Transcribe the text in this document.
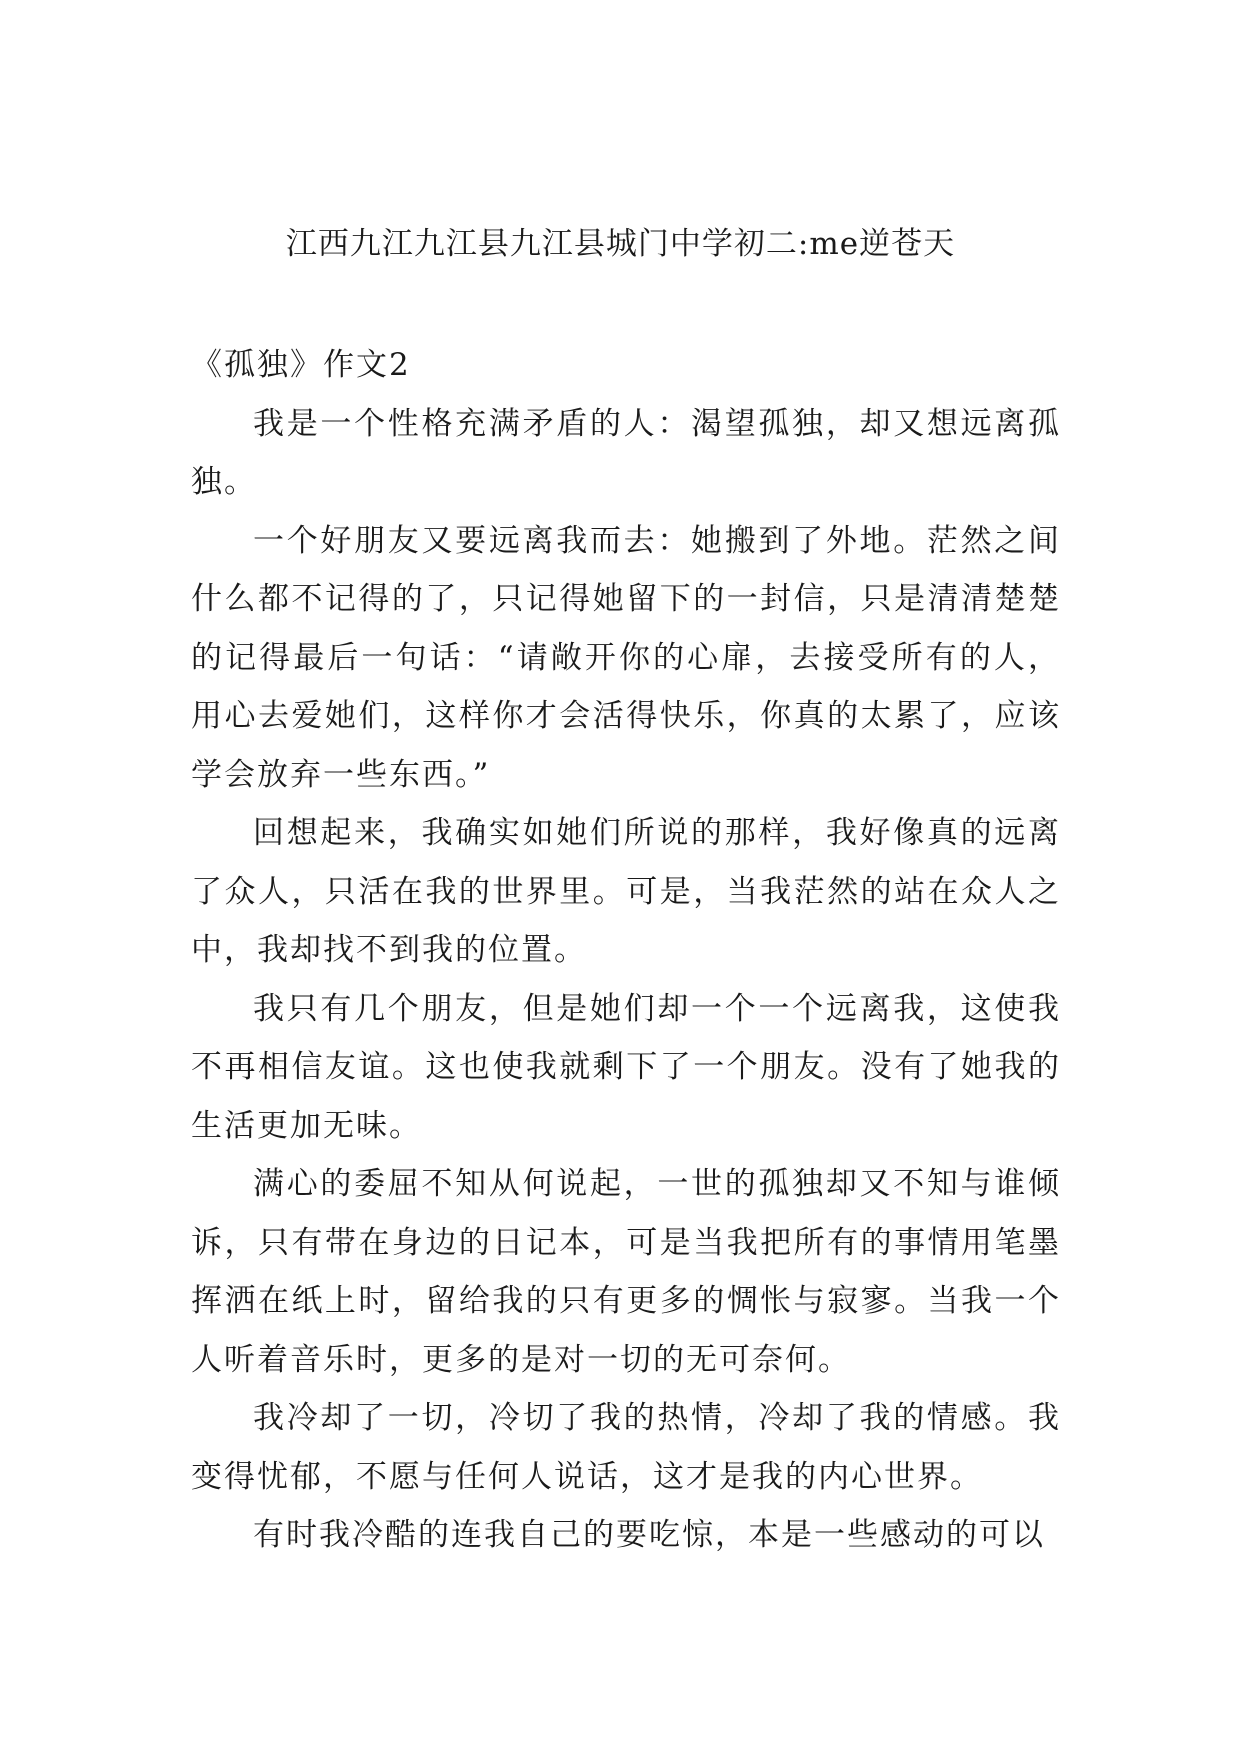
江西九江九江县九江县城门中学初二:me逆苍天

《孤独》作文2

我是一个性格充满矛盾的人：渴望孤独，却又想远离孤独。

一个好朋友又要远离我而去：她搬到了外地。茫然之间什么都不记得的了，只记得她留下的一封信，只是清清楚楚的记得最后一句话：“请敞开你的心扉，去接受所有的人，用心去爱她们，这样你才会活得快乐，你真的太累了，应该学会放弃一些东西。”

回想起来，我确实如她们所说的那样，我好像真的远离了众人，只活在我的世界里。可是，当我茫然的站在众人之中，我却找不到我的位置。

我只有几个朋友，但是她们却一个一个远离我，这使我不再相信友谊。这也使我就剩下了一个朋友。没有了她我的生活更加无味。

满心的委屈不知从何说起，一世的孤独却又不知与谁倾诉，只有带在身边的日记本，可是当我把所有的事情用笔墨挥洒在纸上时，留给我的只有更多的惆怅与寂寥。当我一个人听着音乐时，更多的是对一切的无可奈何。

我冷却了一切，冷切了我的热情，冷却了我的情感。我变得忧郁，不愿与任何人说话，这才是我的内心世界。

有时我冷酷的连我自己的要吃惊，本是一些感动的可以
